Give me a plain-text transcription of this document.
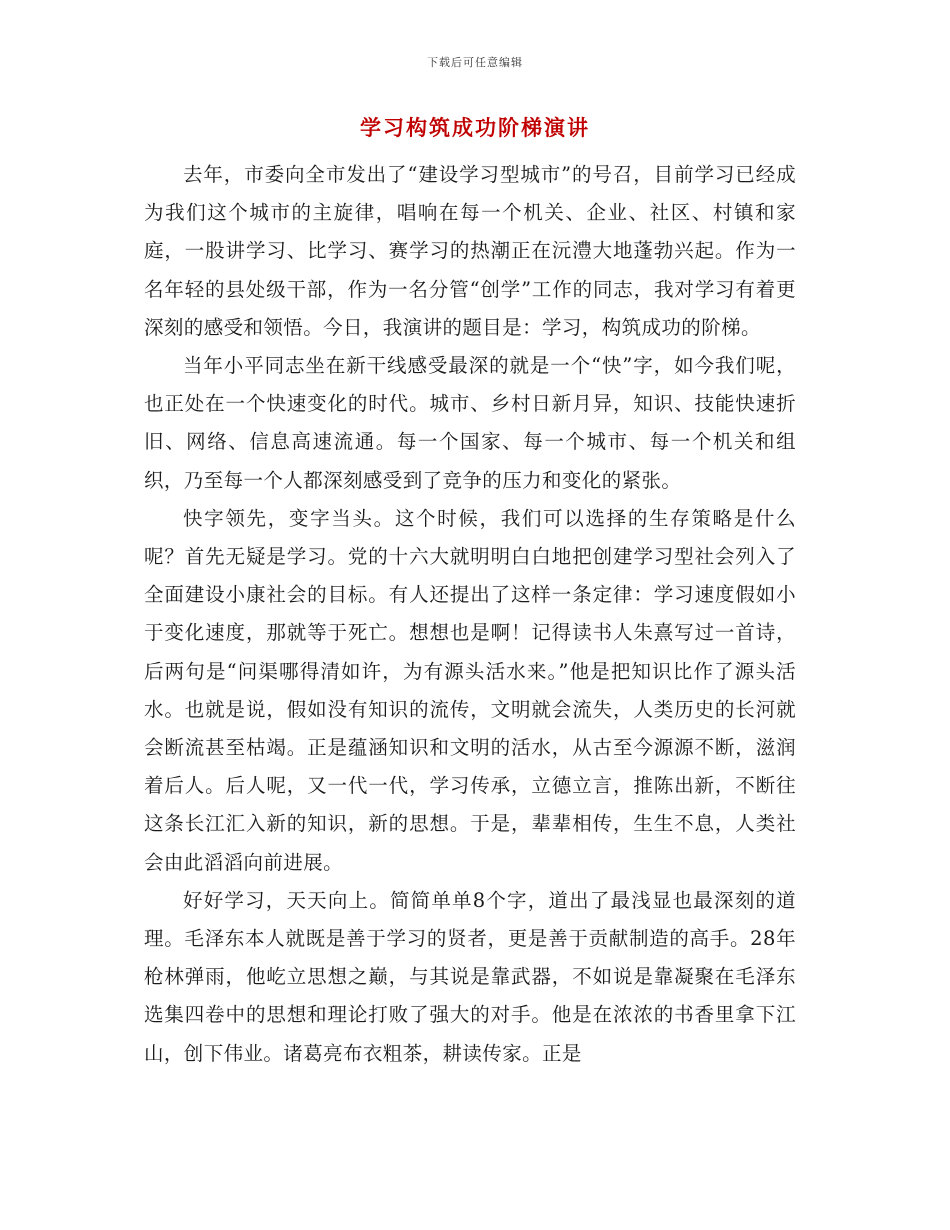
下载后可任意编辑
学习构筑成功阶梯演讲

去年，市委向全市发出了“建设学习型城市”的号召，目前学习已经成为我们这个城市的主旋律，唱响在每一个机关、企业、社区、村镇和家庭，一股讲学习、比学习、赛学习的热潮正在沅澧大地蓬勃兴起。作为一名年轻的县处级干部，作为一名分管“创学”工作的同志，我对学习有着更深刻的感受和领悟。今日，我演讲的题目是：学习，构筑成功的阶梯。

当年小平同志坐在新干线感受最深的就是一个“快”字，如今我们呢，也正处在一个快速变化的时代。城市、乡村日新月异，知识、技能快速折旧、网络、信息高速流通。每一个国家、每一个城市、每一个机关和组织，乃至每一个人都深刻感受到了竞争的压力和变化的紧张。

快字领先，变字当头。这个时候，我们可以选择的生存策略是什么呢？首先无疑是学习。党的十六大就明明白白地把创建学习型社会列入了全面建设小康社会的目标。有人还提出了这样一条定律：学习速度假如小于变化速度，那就等于死亡。想想也是啊！记得读书人朱熹写过一首诗，后两句是“问渠哪得清如许，为有源头活水来。”他是把知识比作了源头活水。也就是说，假如没有知识的流传，文明就会流失，人类历史的长河就会断流甚至枯竭。正是蕴涵知识和文明的活水，从古至今源源不断，滋润着后人。后人呢，又一代一代，学习传承，立德立言，推陈出新，不断往这条长江汇入新的知识，新的思想。于是，辈辈相传，生生不息，人类社会由此滔滔向前进展。

好好学习，天天向上。简简单单8个字，道出了最浅显也最深刻的道理。毛泽东本人就既是善于学习的贤者，更是善于贡献制造的高手。28年枪林弹雨，他屹立思想之巅，与其说是靠武器，不如说是靠凝聚在毛泽东选集四卷中的思想和理论打败了强大的对手。他是在浓浓的书香里拿下江山，创下伟业。诸葛亮布衣粗茶，耕读传家。正是
